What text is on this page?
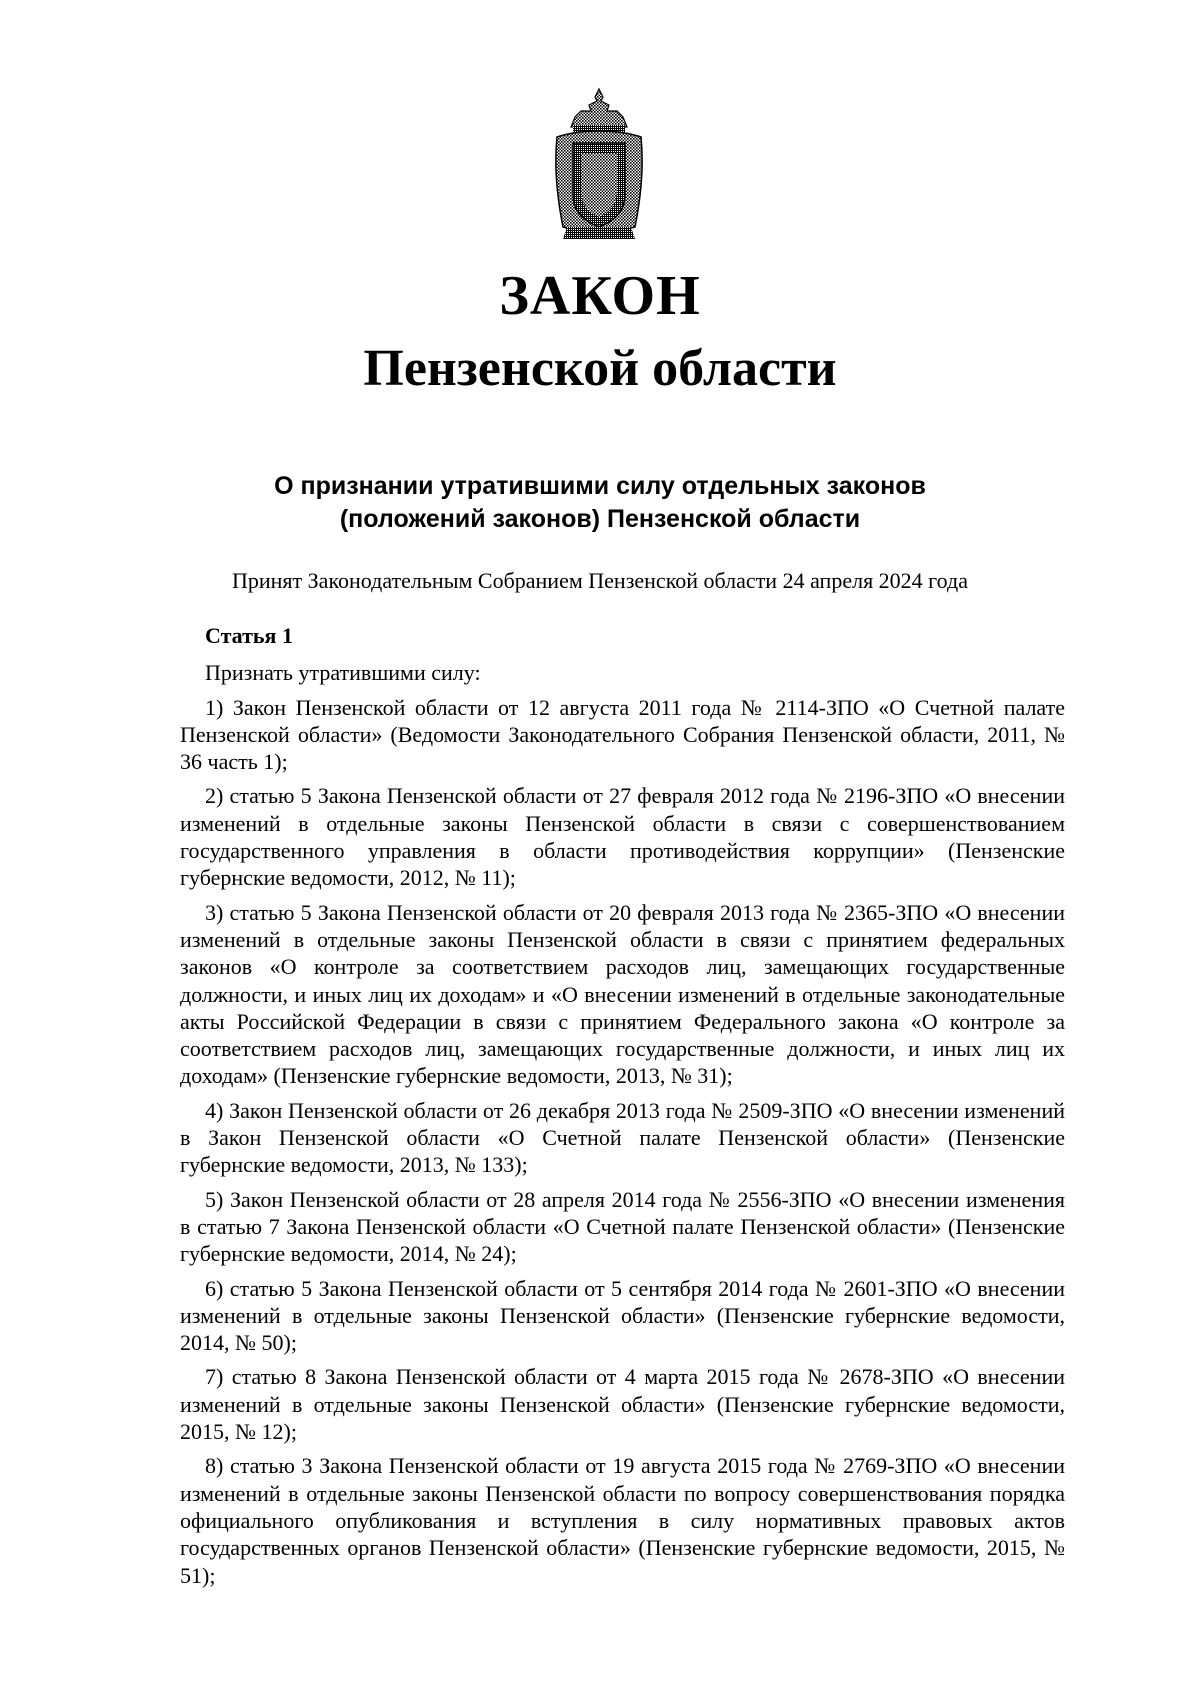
ЗАКОН
Пензенской области
О признании утратившими силу отдельных законов
(положений законов) Пензенской области
Принят Законодательным Собранием Пензенской области 24 апреля 2024 года
Статья 1
Признать утратившими силу:

1) Закон Пензенской области от 12 августа 2011 года № 2114-ЗПО «О Счетной палате Пензенской области» (Ведомости Законодательного Собрания Пензенской области, 2011, № 36 часть 1);

2) статью 5 Закона Пензенской области от 27 февраля 2012 года № 2196-ЗПО «О внесении изменений в отдельные законы Пензенской области в связи с совершенствованием государственного управления в области противодействия коррупции» (Пензенские губернские ведомости, 2012, № 11);

3) статью 5 Закона Пензенской области от 20 февраля 2013 года № 2365-ЗПО «О внесении изменений в отдельные законы Пензенской области в связи с принятием федеральных законов «О контроле за соответствием расходов лиц, замещающих государственные должности, и иных лиц их доходам» и «О внесении изменений в отдельные законодательные акты Российской Федерации в связи с принятием Федерального закона «О контроле за соответствием расходов лиц, замещающих государственные должности, и иных лиц их доходам» (Пензенские губернские ведомости, 2013, № 31);

4) Закон Пензенской области от 26 декабря 2013 года № 2509-ЗПО «О внесении изменений в Закон Пензенской области «О Счетной палате Пензенской области» (Пензенские губернские ведомости, 2013, № 133);

5) Закон Пензенской области от 28 апреля 2014 года № 2556-ЗПО «О внесении изменения в статью 7 Закона Пензенской области «О Счетной палате Пензенской области» (Пензенские губернские ведомости, 2014, № 24);

6) статью 5 Закона Пензенской области от 5 сентября 2014 года № 2601-ЗПО «О внесении изменений в отдельные законы Пензенской области» (Пензенские губернские ведомости, 2014, № 50);

7) статью 8 Закона Пензенской области от 4 марта 2015 года № 2678-ЗПО «О внесении изменений в отдельные законы Пензенской области» (Пензенские губернские ведомости, 2015, № 12);

8) статью 3 Закона Пензенской области от 19 августа 2015 года № 2769-ЗПО «О внесении изменений в отдельные законы Пензенской области по вопросу совершенствования порядка официального опубликования и вступления в силу нормативных правовых актов государственных органов Пензенской области» (Пензенские губернские ведомости, 2015, № 51);
